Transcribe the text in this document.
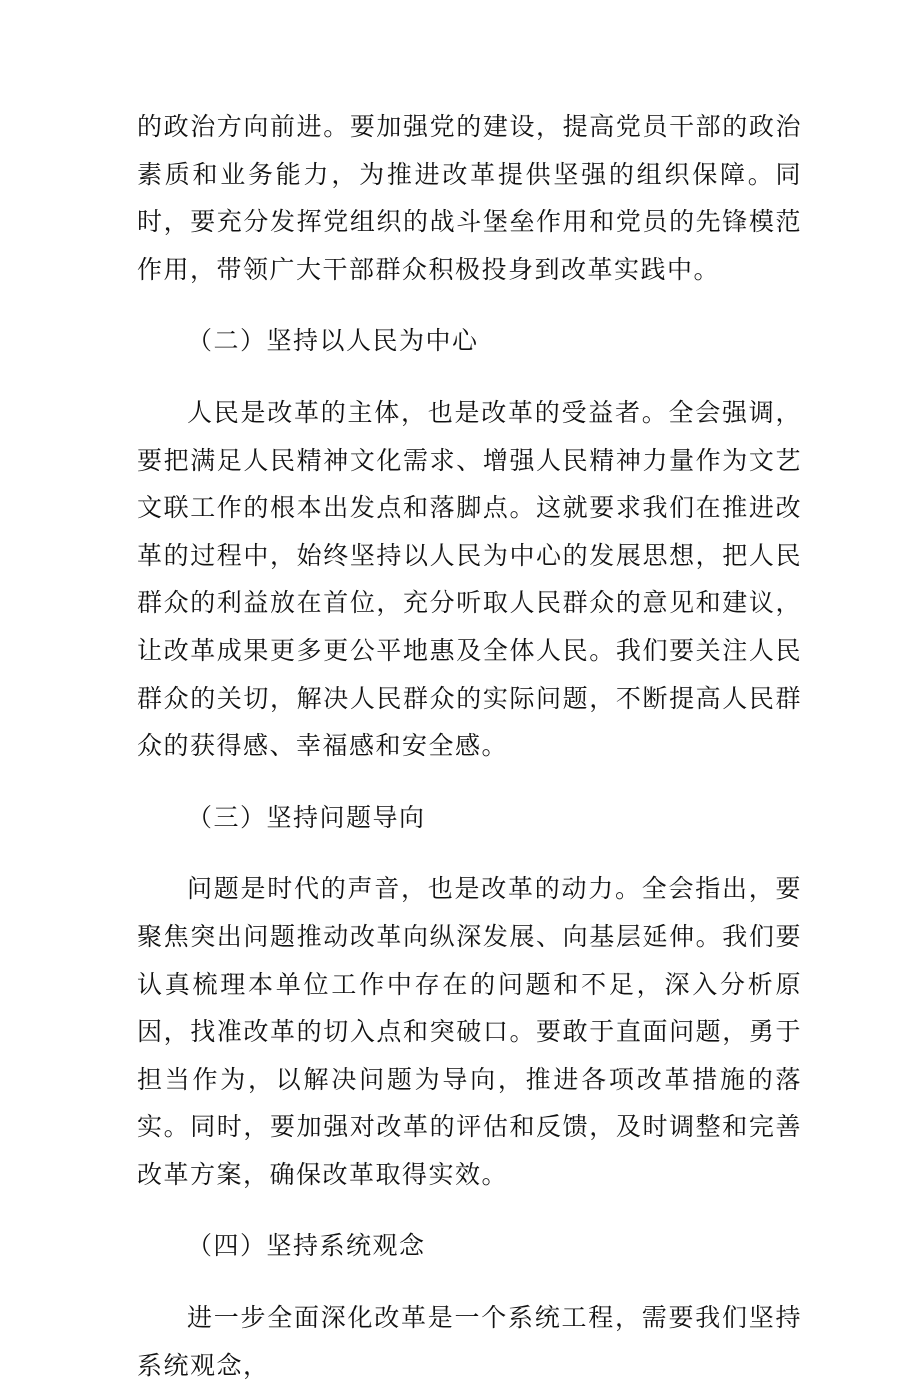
的政治方向前进。要加强党的建设，提高党员干部的政治素质和业务能力，为推进改革提供坚强的组织保障。同时，要充分发挥党组织的战斗堡垒作用和党员的先锋模范作用，带领广大干部群众积极投身到改革实践中。

（二）坚持以人民为中心

人民是改革的主体，也是改革的受益者。全会强调，要把满足人民精神文化需求、增强人民精神力量作为文艺文联工作的根本出发点和落脚点。这就要求我们在推进改革的过程中，始终坚持以人民为中心的发展思想，把人民群众的利益放在首位，充分听取人民群众的意见和建议，让改革成果更多更公平地惠及全体人民。我们要关注人民群众的关切，解决人民群众的实际问题，不断提高人民群众的获得感、幸福感和安全感。

（三）坚持问题导向

问题是时代的声音，也是改革的动力。全会指出，要聚焦突出问题推动改革向纵深发展、向基层延伸。我们要认真梳理本单位工作中存在的问题和不足，深入分析原因，找准改革的切入点和突破口。要敢于直面问题，勇于担当作为，以解决问题为导向，推进各项改革措施的落实。同时，要加强对改革的评估和反馈，及时调整和完善改革方案，确保改革取得实效。

（四）坚持系统观念

进一步全面深化改革是一个系统工程，需要我们坚持系统观念，
